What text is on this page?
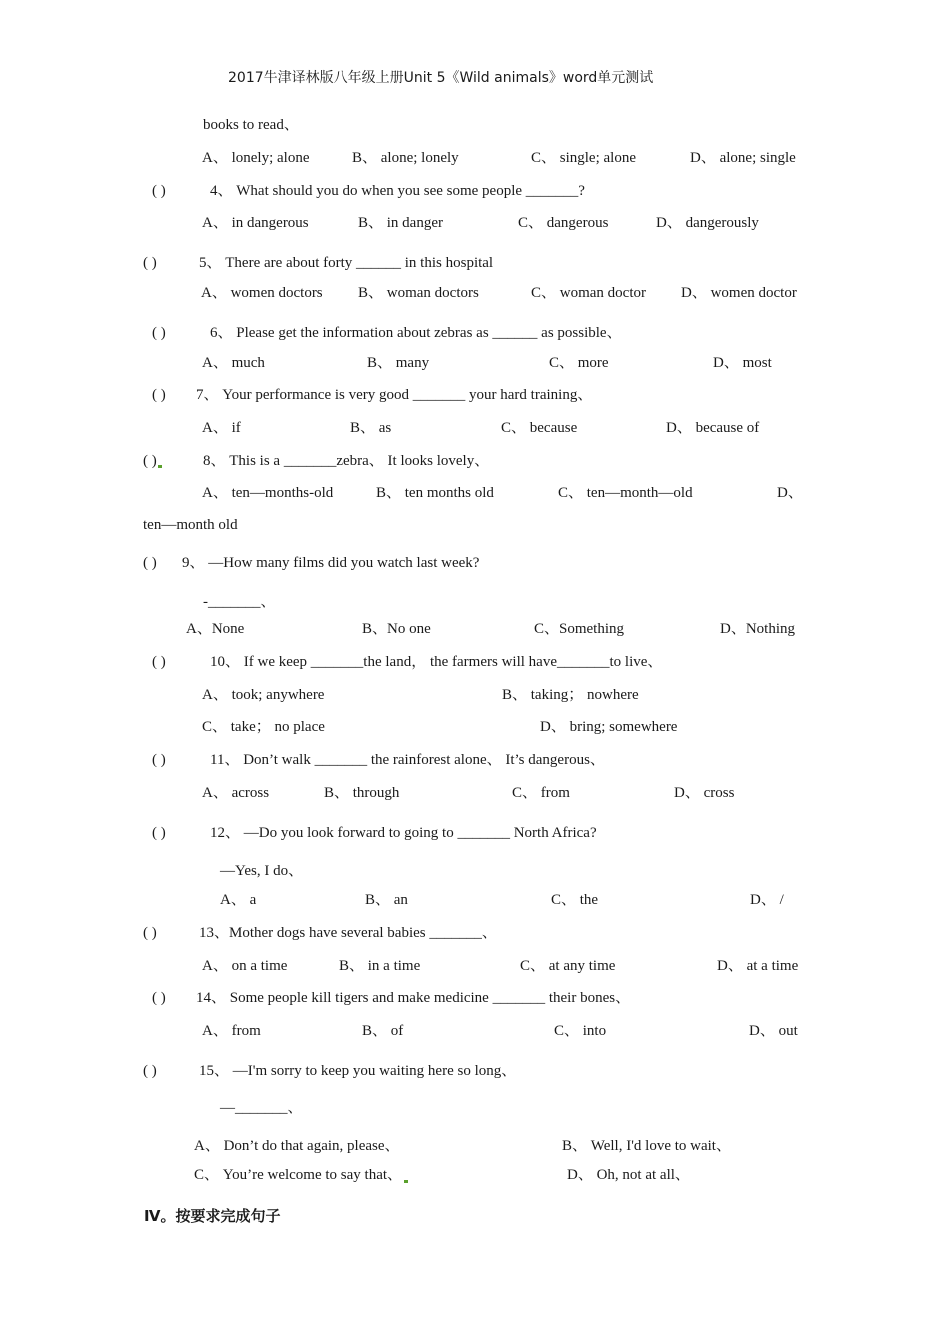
2017牛津译林版八年级上册Unit 5《Wild animals》word单元测试
books to read、
A、 lonely; alone	B、 alone; lonely	C、 single; alone	D、 alone; single
( )	4、 What should you do when you see some people _______?
A、 in dangerous	B、 in danger	C、 dangerous	D、 dangerously
( )	5、 There are about forty ______ in this hospital
A、 women doctors B、 woman doctors	C、 woman doctor D、 women doctor
( )	6、 Please get the information about zebras as ______ as possible、
A、 much	B、 many	C、 more	D、 most
( ) 7、 Your performance is very good _______ your hard training、
A、 if	B、 as	C、 because	D、 because of
( )	8、 This is a _______zebra、 It looks lovely、
A、 ten—months-old	B、 ten months old	C、 ten—month—old	D、
ten—month old
( ) 9、 —How many films did you watch last week?
-_______、
A、None	B、No one	C、Something	D、Nothing
( )	10、 If we keep _______the land， the farmers will have_______to live、
A、 took; anywhere	B、 taking； nowhere
C、 take； no place	D、 bring; somewhere
( )	11、 Don’t walk _______ the rainforest alone、 It’s dangerous、
A、 across	B、 through	C、 from	D、 cross
( )	12、 —Do you look forward to going to _______ North Africa?
—Yes, I do、
A、 a	B、 an	C、 the	D、 /
( )	13、Mother dogs have several babies _______、
A、 on a time	B、 in a time	C、 at any time	D、 at a time
( ) 14、 Some people kill tigers and make medicine _______ their bones、
A、 from	B、 of	C、 into	D、 out
( )	15、 —I'm sorry to keep you waiting here so long、
—_______、
A、 Don’t do that again, please、	B、 Well, I'd love to wait、
C、 You’re welcome to say that、	D、 Oh, not at all、
Ⅳ。按要求完成句子
